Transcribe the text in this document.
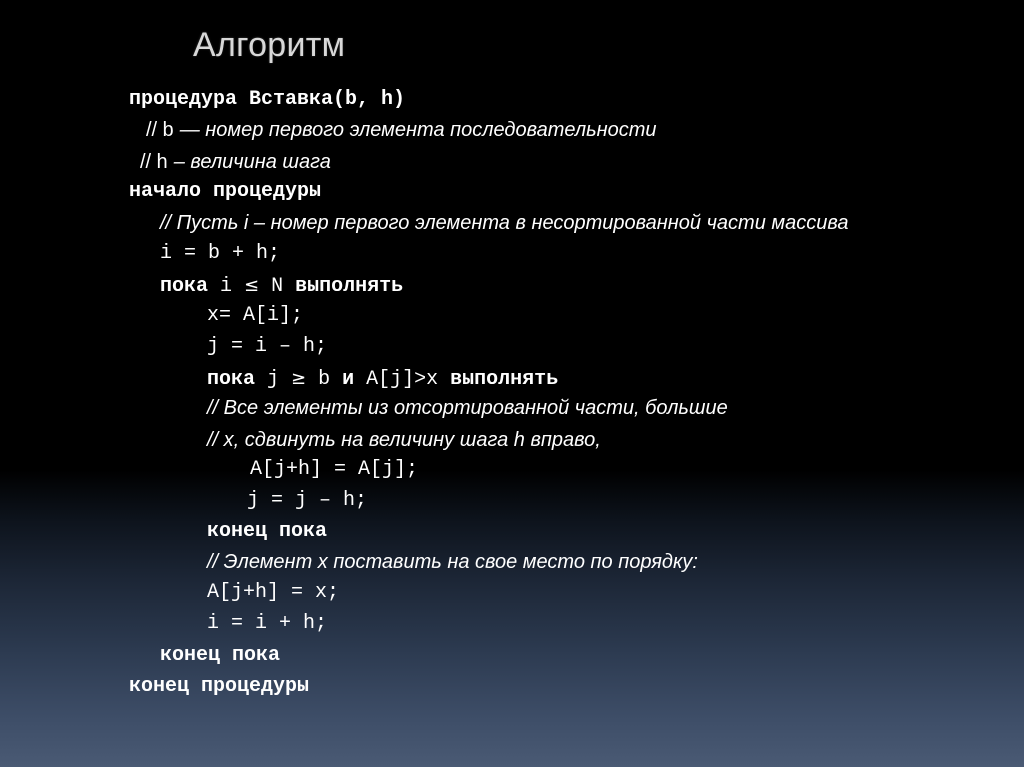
Алгоритм
процедура Вставка(b, h)
// b — номер первого элемента последовательности
// h – величина шага
начало процедуры
// Пусть i – номер первого элемента в несортированной части массива
i = b + h;
пока i ≤ N выполнять
x= A[i];
j = i – h;
пока j ≥ b и A[j]>x выполнять
// Все элементы из отсортированной части, большие
// x, сдвинуть на величину шага h вправо,
A[j+h] = A[j];
j = j – h;
конец пока
// Элемент x поставить на свое место по порядку:
A[j+h] = x;
i = i + h;
конец пока
конец процедуры
